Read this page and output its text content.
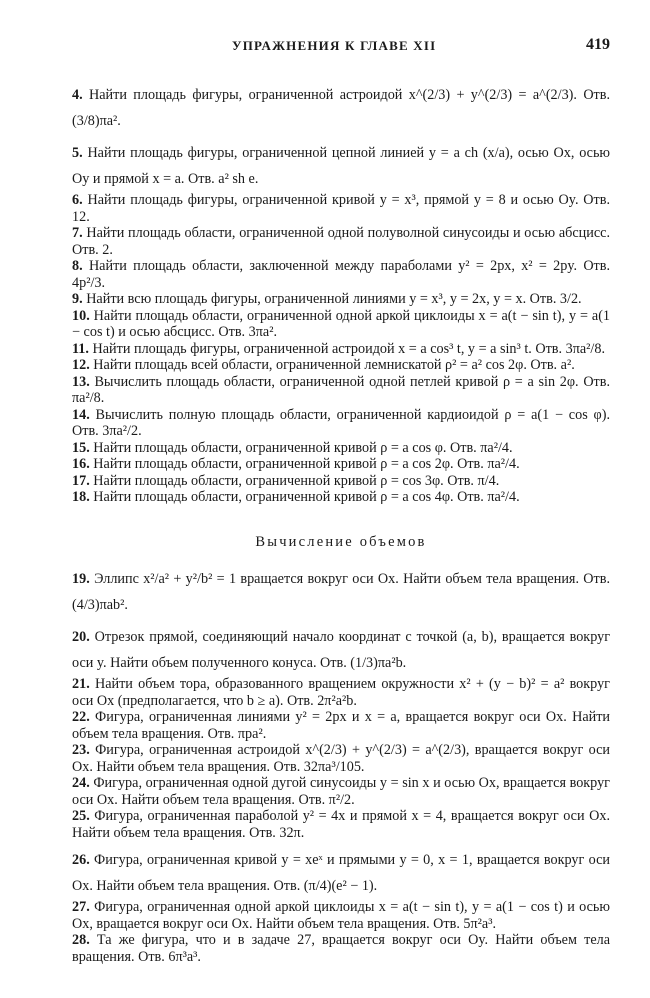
УПРАЖНЕНИЯ К ГЛАВЕ XII	419
4. Найти площадь фигуры, ограниченной астроидой x^(2/3) + y^(2/3) = a^(2/3). Отв. (3/8)πa².
5. Найти площадь фигуры, ограниченной цепной линией y = a ch (x/a), осью Ox, осью Oy и прямой x = a. Отв. a² sh e.
6. Найти площадь фигуры, ограниченной кривой y = x³, прямой y = 8 и осью Oy. Отв. 12.
7. Найти площадь области, ограниченной одной полуволной синусоиды и осью абсцисс. Отв. 2.
8. Найти площадь области, заключенной между параболами y² = 2px, x² = 2py. Отв. 4p²/3.
9. Найти всю площадь фигуры, ограниченной линиями y = x³, y = 2x, y = x. Отв. 3/2.
10. Найти площадь области, ограниченной одной аркой циклоиды x = a(t − sin t), y = a(1 − cos t) и осью абсцисс. Отв. 3πa².
11. Найти площадь фигуры, ограниченной астроидой x = a cos³ t, y = a sin³ t. Отв. 3πa²/8.
12. Найти площадь всей области, ограниченной лемнискатой ρ² = a² cos 2φ. Отв. a².
13. Вычислить площадь области, ограниченной одной петлей кривой ρ = a sin 2φ. Отв. πa²/8.
14. Вычислить полную площадь области, ограниченной кардиоидой ρ = a(1 − cos φ). Отв. 3πa²/2.
15. Найти площадь области, ограниченной кривой ρ = a cos φ. Отв. πa²/4.
16. Найти площадь области, ограниченной кривой ρ = a cos 2φ. Отв. πa²/4.
17. Найти площадь области, ограниченной кривой ρ = cos 3φ. Отв. π/4.
18. Найти площадь области, ограниченной кривой ρ = a cos 4φ. Отв. πa²/4.
Вычисление объемов
19. Эллипс x²/a² + y²/b² = 1 вращается вокруг оси Ox. Найти объем тела вращения. Отв. (4/3)πab².
20. Отрезок прямой, соединяющий начало координат с точкой (a, b), вращается вокруг оси y. Найти объем полученного конуса. Отв. (1/3)πa²b.
21. Найти объем тора, образованного вращением окружности x² + (y − b)² = a² вокруг оси Ox (предполагается, что b ≥ a). Отв. 2π²a²b.
22. Фигура, ограниченная линиями y² = 2px и x = a, вращается вокруг оси Ox. Найти объем тела вращения. Отв. πpa².
23. Фигура, ограниченная астроидой x^(2/3) + y^(2/3) = a^(2/3), вращается вокруг оси Ox. Найти объем тела вращения. Отв. 32πa³/105.
24. Фигура, ограниченная одной дугой синусоиды y = sin x и осью Ox, вращается вокруг оси Ox. Найти объем тела вращения. Отв. π²/2.
25. Фигура, ограниченная параболой y² = 4x и прямой x = 4, вращается вокруг оси Ox. Найти объем тела вращения. Отв. 32π.
26. Фигура, ограниченная кривой y = xeˣ и прямыми y = 0, x = 1, вращается вокруг оси Ox. Найти объем тела вращения. Отв. (π/4)(e² − 1).
27. Фигура, ограниченная одной аркой циклоиды x = a(t − sin t), y = a(1 − cos t) и осью Ox, вращается вокруг оси Ox. Найти объем тела вращения. Отв. 5π²a³.
28. Та же фигура, что и в задаче 27, вращается вокруг оси Oy. Найти объем тела вращения. Отв. 6π³a³.
